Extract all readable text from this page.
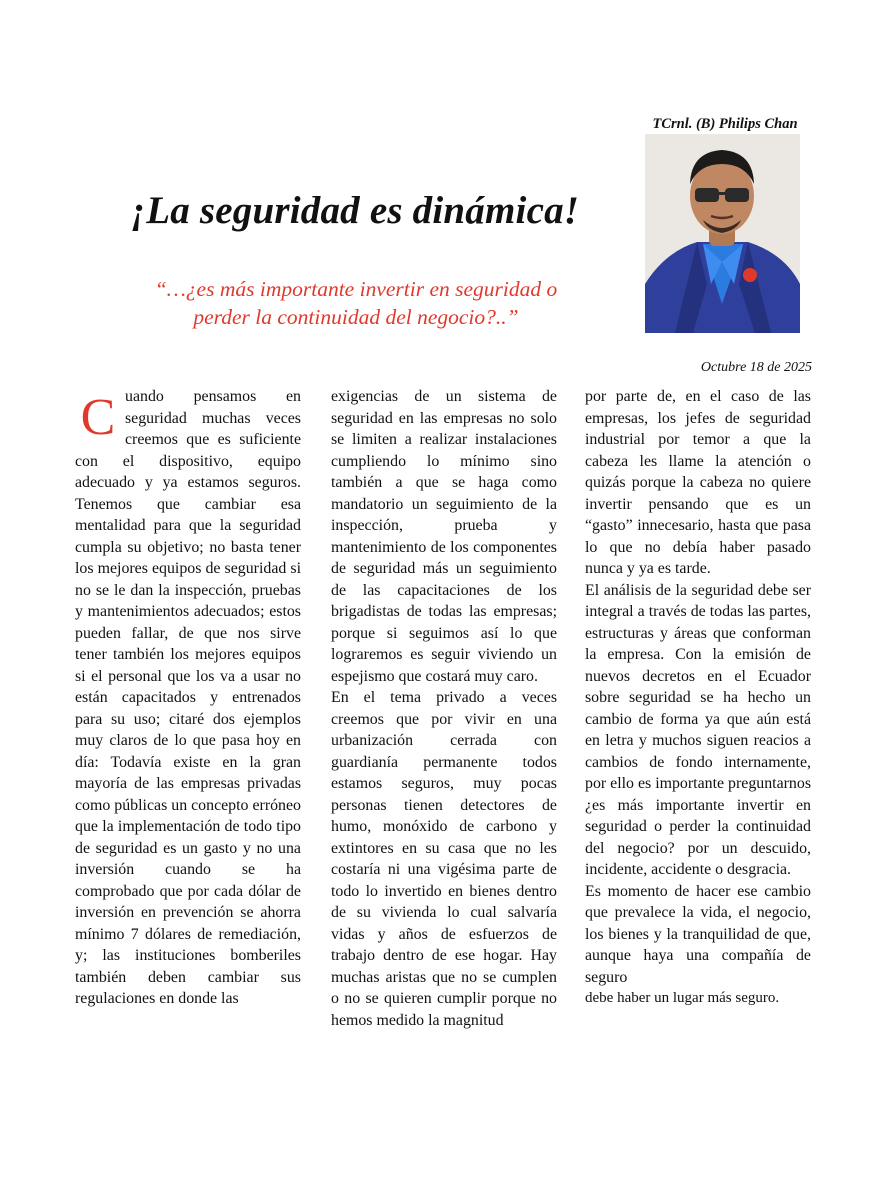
TCrnl. (B) Philips Chan
¡La seguridad es dinámica!
“…¿es más importante invertir en seguridad o
perder la continuidad del negocio?..”
Octubre 18 de 2025
C uando pensamos en seguridad muchas veces creemos que es suficiente con el dispositivo, equipo adecuado y ya estamos seguros. Tenemos que cambiar esa mentalidad para que la seguridad cumpla su objetivo; no basta tener los mejores equipos de seguridad si no se le dan la inspección, pruebas y mantenimientos adecuados; estos pueden fallar, de que nos sirve tener también los mejores equipos si el personal que los va a usar no están capacitados y entrenados para su uso; citaré dos ejemplos muy claros de lo que pasa hoy en día: Todavía existe en la gran mayoría de las empresas privadas como públicas un concepto erróneo que la implementación de todo tipo de seguridad es un gasto y no una inversión cuando se ha comprobado que por cada dólar de inversión en prevención se ahorra mínimo 7 dólares de remediación, y; las instituciones bomberiles también deben cambiar sus regulaciones en donde las

exigencias de un sistema de seguridad en las empresas no solo se limiten a realizar instalaciones cumpliendo lo mínimo sino también a que se haga como mandatorio un seguimiento de la inspección, prueba y mantenimiento de los componentes de seguridad más un seguimiento de las capacitaciones de los brigadistas de todas las empresas; porque si seguimos así lo que lograremos es seguir viviendo un espejismo que costará muy caro.

En el tema privado a veces creemos que por vivir en una urbanización cerrada con guardianía permanente todos estamos seguros, muy pocas personas tienen detectores de humo, monóxido de carbono y extintores en su casa que no les costaría ni una vigésima parte de todo lo invertido en bienes dentro de su vivienda lo cual salvaría vidas y años de esfuerzos de trabajo dentro de ese hogar. Hay muchas aristas que no se cumplen o no se quieren cumplir porque no hemos medido la magnitud

por parte de, en el caso de las empresas, los jefes de seguridad industrial por temor a que la cabeza les llame la atención o quizás porque la cabeza no quiere invertir pensando que es un “gasto” innecesario, hasta que pasa lo que no debía haber pasado nunca y ya es tarde.

El análisis de la seguridad debe ser integral a través de todas las partes, estructuras y áreas que conforman la empresa. Con la emisión de nuevos decretos en el Ecuador sobre seguridad se ha hecho un cambio de forma ya que aún está en letra y muchos siguen reacios a cambios de fondo internamente, por ello es importante preguntarnos ¿es más importante invertir en seguridad o perder la continuidad del negocio? por un descuido, incidente, accidente o desgracia.

Es momento de hacer ese cambio que prevalece la vida, el negocio, los bienes y la tranquilidad de que, aunque haya una compañía de seguro

debe haber un lugar más seguro.
